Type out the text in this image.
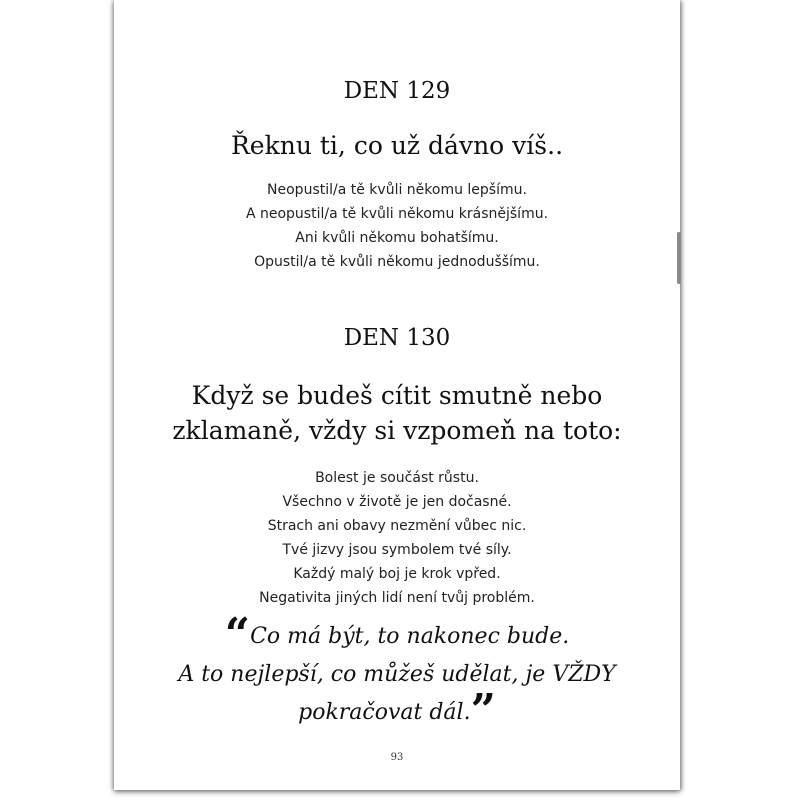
DEN 129
Řeknu ti, co už dávno víš..
Neopustil/a tě kvůli někomu lepšímu.
A neopustil/a tě kvůli někomu krásnějšímu.
Ani kvůli někomu bohatšímu.
Opustil/a tě kvůli někomu jednoduššímu.
DEN 130
Když se budeš cítit smutně nebo
zklamaně, vždy si vzpomeň na toto:
Bolest je součást růstu.
Všechno v životě je jen dočasné.
Strach ani obavy nezmění vůbec nic.
Tvé jizvy jsou symbolem tvé síly.
Každý malý boj je krok vpřed.
Negativita jiných lidí není tvůj problém.
“Co má být, to nakonec bude.
A to nejlepší, co můžeš udělat, je VŽDY
pokračovat dál.”
93
